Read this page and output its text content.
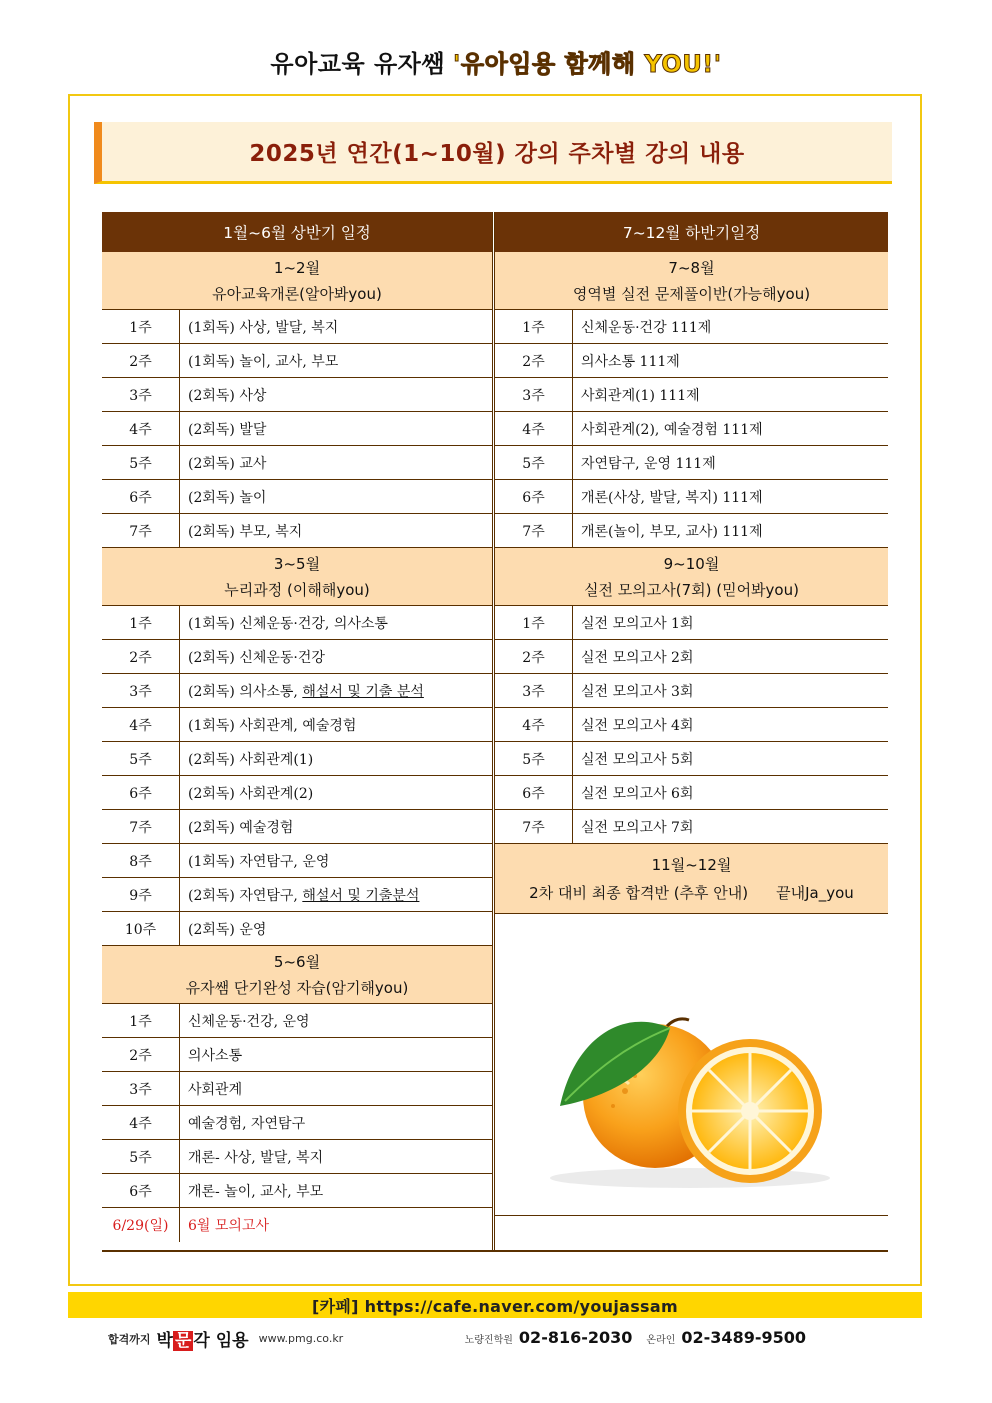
유아교육 유자쌤 '유아임용 함께해 YOU!'
2025년 연간(1~10월) 강의 주차별 강의 내용
1월~6월 상반기 일정
1~2월
유아교육개론(알아봐you)
1주	(1회독) 사상, 발달, 복지
2주	(1회독) 놀이, 교사, 부모
3주	(2회독) 사상
4주	(2회독) 발달
5주	(2회독) 교사
6주	(2회독) 놀이
7주	(2회독) 부모, 복지
3~5월
누리과정 (이해해you)
1주	(1회독) 신체운동·건강, 의사소통
2주	(2회독) 신체운동·건강
3주	(2회독) 의사소통, 해설서 및 기출 분석
4주	(1회독) 사회관계, 예술경험
5주	(2회독) 사회관계(1)
6주	(2회독) 사회관계(2)
7주	(2회독) 예술경험
8주	(1회독) 자연탐구, 운영
9주	(2회독) 자연탐구, 해설서 및 기출분석
10주	(2회독) 운영
5~6월
유자쌤 단기완성 자습(암기해you)
1주	신체운동·건강, 운영
2주	의사소통
3주	사회관계
4주	예술경험, 자연탐구
5주	개론- 사상, 발달, 복지
6주	개론- 놀이, 교사, 부모
6/29(일)	6월 모의고사
7~12월 하반기일정
7~8월
영역별 실전 문제풀이반(가능해you)
1주	신체운동·건강 111제
2주	의사소통 111제
3주	사회관계(1) 111제
4주	사회관계(2), 예술경험 111제
5주	자연탐구, 운영 111제
6주	개론(사상, 발달, 복지) 111제
7주	개론(놀이, 부모, 교사) 111제
9~10월
실전 모의고사(7회) (믿어봐you)
1주	실전 모의고사 1회
2주	실전 모의고사 2회
3주	실전 모의고사 3회
4주	실전 모의고사 4회
5주	실전 모의고사 5회
6주	실전 모의고사 6회
7주	실전 모의고사 7회
11월~12월
2차 대비 최종 합격반 (추후 안내) 끝내Ja_you
[카페] https://cafe.naver.com/youjassam
합격까지 박 문 각 임용 www.pmg.co.kr	노량진학원 02-816-2030 온라인 02-3489-9500
